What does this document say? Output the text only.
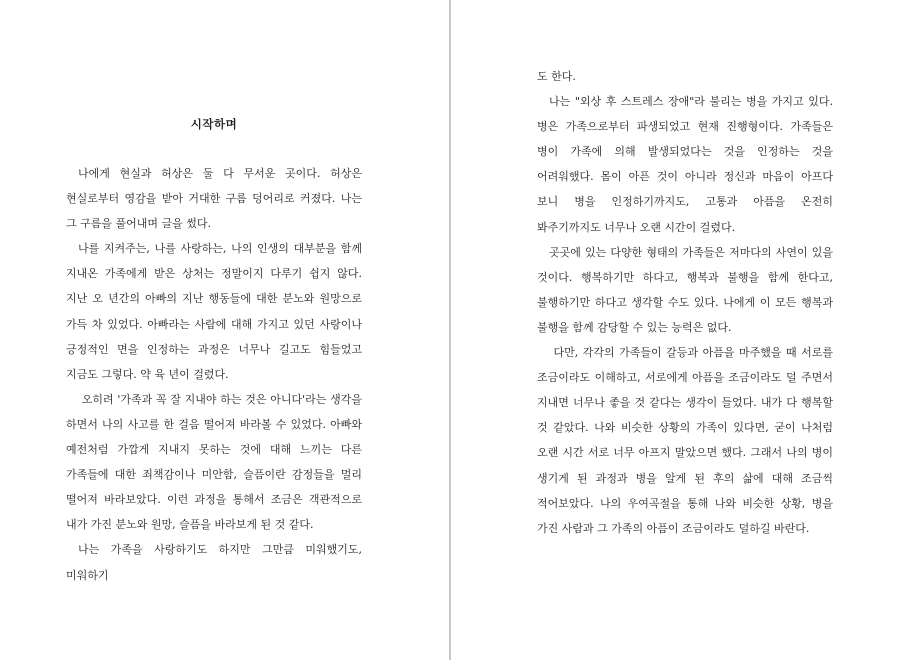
시작하며

나에게 현실과 허상은 둘 다 무서운 곳이다. 허상은 현실로부터 영감을 받아 거대한 구름 덩어리로 커졌다. 나는 그 구름을 풀어내며 글을 썼다.

나를 지켜주는, 나를 사랑하는, 나의 인생의 대부분을 함께 지내온 가족에게 받은 상처는 정말이지 다루기 쉽지 않다. 지난 오 년간의 아빠의 지난 행동들에 대한 분노와 원망으로 가득 차 있었다. 아빠라는 사람에 대해 가지고 있던 사랑이나 긍정적인 면을 인정하는 과정은 너무나 길고도 힘들었고 지금도 그렇다. 약 육 년이 걸렸다.

오히려 '가족과 꼭 잘 지내야 하는 것은 아니다'라는 생각을 하면서 나의 사고를 한 걸음 떨어져 바라볼 수 있었다. 아빠와 예전처럼 가깝게 지내지 못하는 것에 대해 느끼는 다른 가족들에 대한 죄책감이나 미안함, 슬픔이란 감정들을 멀리 떨어져 바라보았다. 이런 과정을 통해서 조금은 객관적으로 내가 가진 분노와 원망, 슬픔을 바라보게 된 것 같다.

나는 가족을 사랑하기도 하지만 그만큼 미워했기도, 미워하기

도 한다.

나는 "외상 후 스트레스 장애"라 불리는 병을 가지고 있다. 병은 가족으로부터 파생되었고 현재 진행형이다. 가족들은 병이 가족에 의해 발생되었다는 것을 인정하는 것을 어려워했다. 몸이 아픈 것이 아니라 정신과 마음이 아프다 보니 병을 인정하기까지도, 고통과 아픔을 온전히 봐주기까지도 너무나 오랜 시간이 걸렸다.

곳곳에 있는 다양한 형태의 가족들은 저마다의 사연이 있을 것이다. 행복하기만 하다고, 행복과 불행을 함께 한다고, 불행하기만 하다고 생각할 수도 있다. 나에게 이 모든 행복과 불행을 함께 감당할 수 있는 능력은 없다.

다만, 각각의 가족들이 갈등과 아픔을 마주했을 때 서로를 조금이라도 이해하고, 서로에게 아픔을 조금이라도 덜 주면서 지내면 너무나 좋을 것 같다는 생각이 들었다. 내가 다 행복할 것 같았다. 나와 비슷한 상황의 가족이 있다면, 굳이 나처럼 오랜 시간 서로 너무 아프지 말았으면 했다. 그래서 나의 병이 생기게 된 과정과 병을 알게 된 후의 삶에 대해 조금씩 적어보았다. 나의 우여곡절을 통해 나와 비슷한 상황, 병을 가진 사람과 그 가족의 아픔이 조금이라도 덜하길 바란다.
